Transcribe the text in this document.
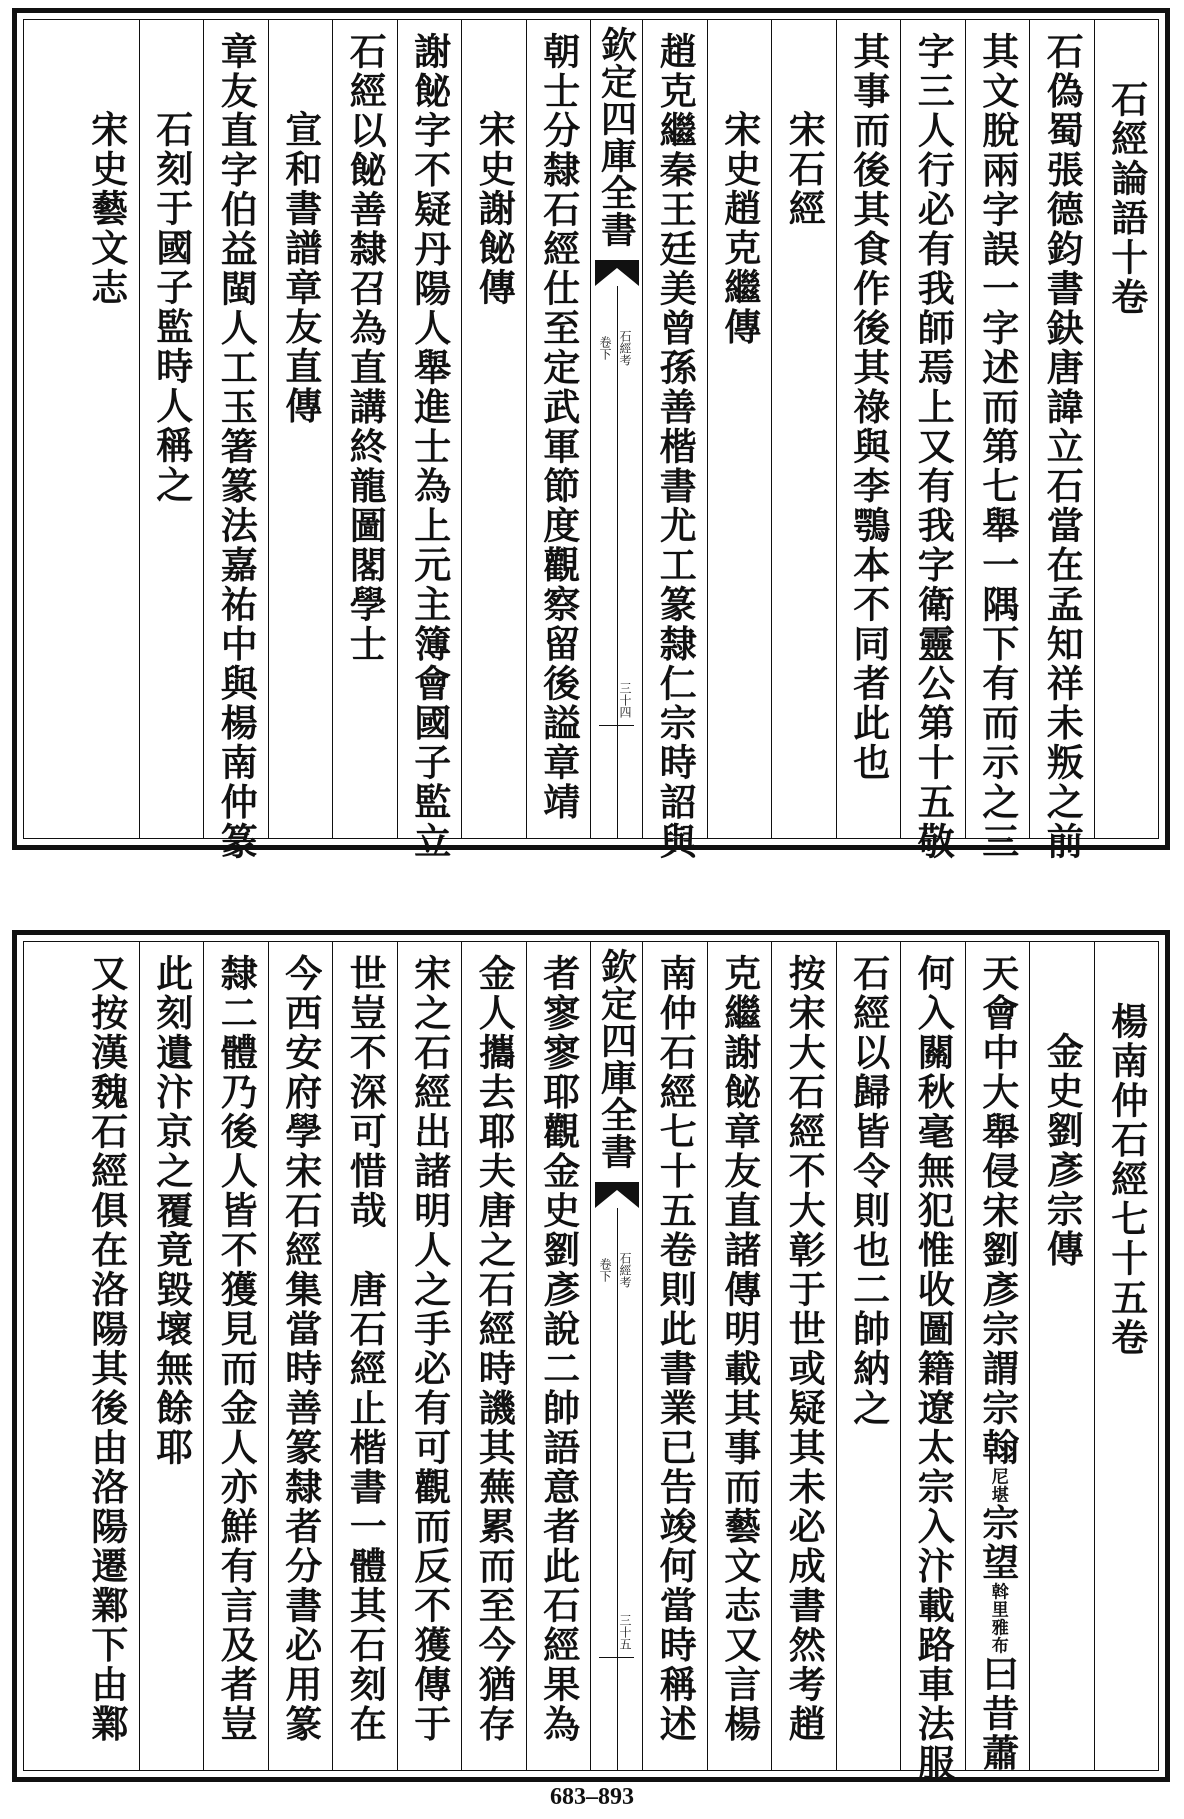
石經論語十卷
石偽蜀張德鈞書鈌唐諱立石當在孟知祥未叛之前
其文脫兩字誤一字述而第七舉一隅下有而示之三
字三人行必有我師焉上又有我字衛靈公第十五敬
其事而後其食作後其祿與李鶚本不同者此也
宋石經
宋史趙克繼傳
趙克繼秦王廷美曾孫善楷書尤工篆隸仁宗時詔與
欽定四庫全書
石經考
卷下
三十四
朝士分隸石經仕至定武軍節度觀察留後謚章靖
宋史謝飶傳
謝飶字不疑丹陽人舉進士為上元主簿會國子監立
石經以飶善隸召為直講終龍圖閣學士
宣和書譜章友直傳
章友直字伯益閩人工玉箸篆法嘉祐中與楊南仲篆
石刻于國子監時人稱之
宋史藝文志
楊南仲石經七十五卷
金史劉彥宗傳
天會中大舉侵宋劉彥宗謂宗翰尼堪宗望斡里雅布曰昔蕭
何入關秋毫無犯惟收圖籍遼太宗入汴載路車法服
石經以歸皆令則也二帥納之
按宋大石經不大彰于世或疑其未必成書然考趙
克繼謝飶章友直諸傳明載其事而藝文志又言楊
南仲石經七十五卷則此書業已告竣何當時稱述
欽定四庫全書
石經考
卷下
三十五
者寥寥耶觀金史劉彥說二帥語意者此石經果為
金人攜去耶夫唐之石經時譏其蕪累而至今猶存
宋之石經出諸明人之手必有可觀而反不獲傳于
世豈不深可惜哉　唐石經止楷書一體其石刻在
今西安府學宋石經集當時善篆隸者分書必用篆
隸二體乃後人皆不獲見而金人亦鮮有言及者豈
此刻遺汴京之覆竟毀壞無餘耶
又按漢魏石經俱在洛陽其後由洛陽遷鄴下由鄴
683–893
